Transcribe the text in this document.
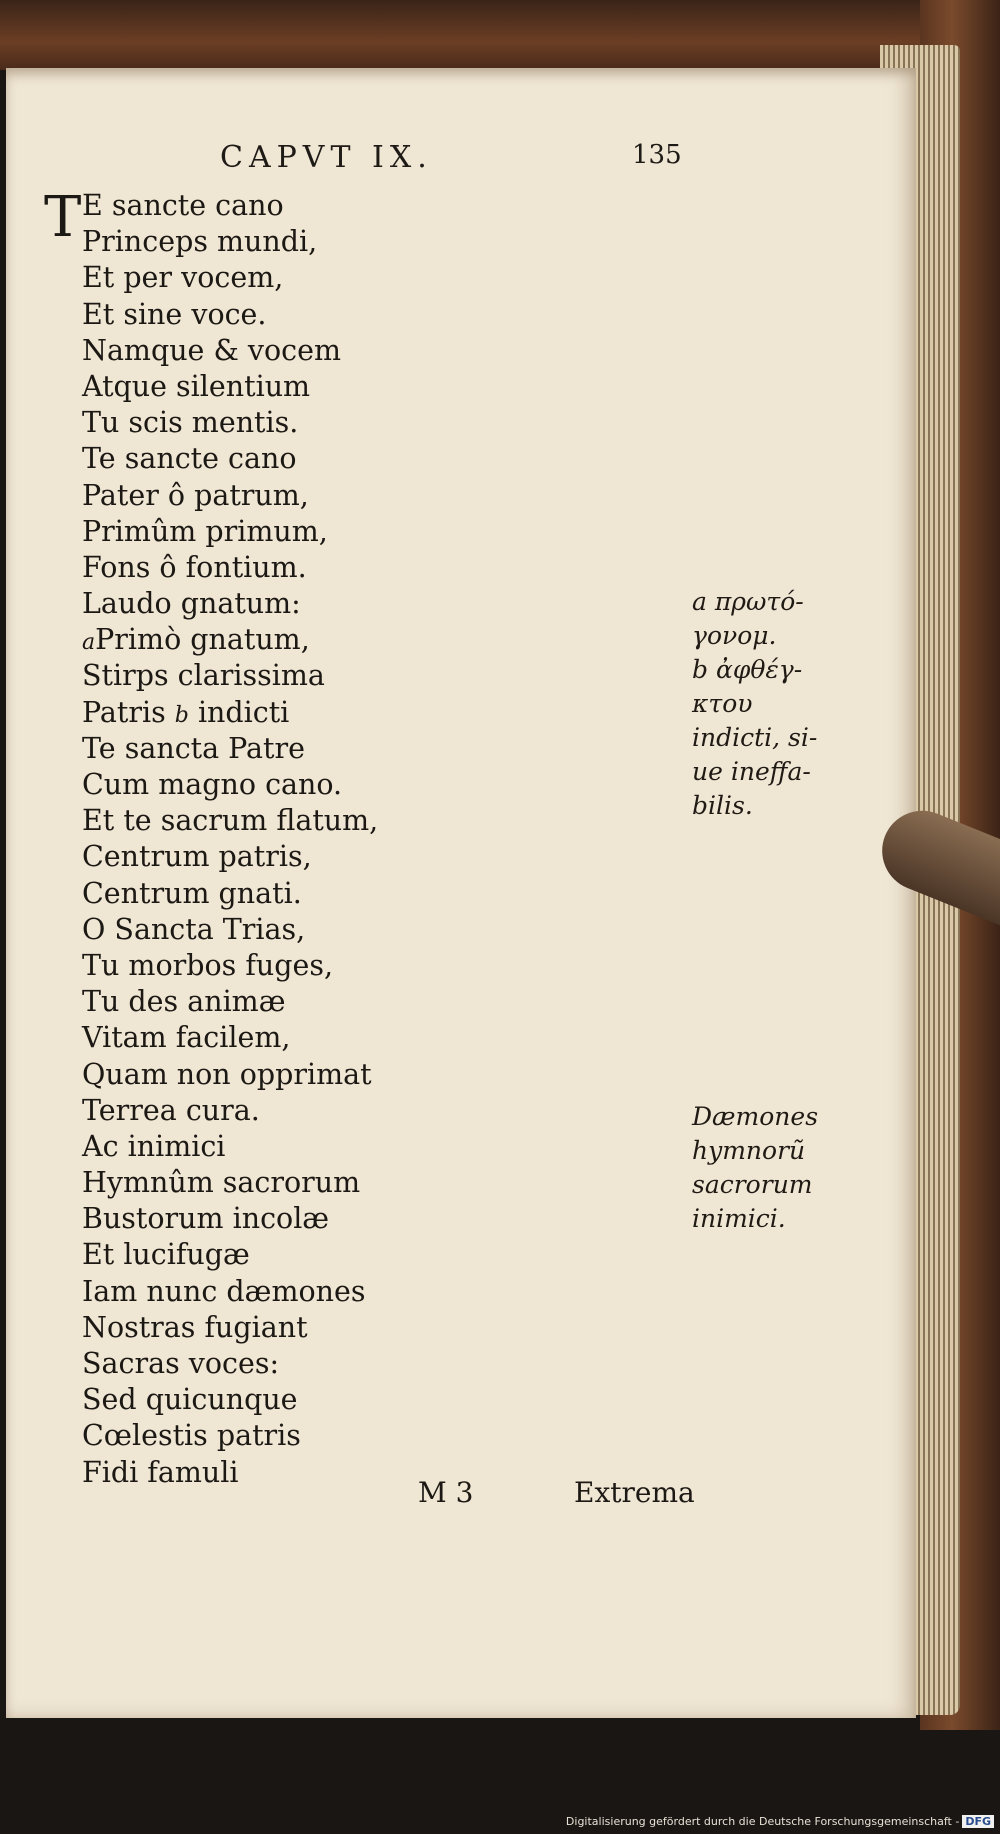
CAPVT IX.	135
T E sancte cano
Princeps mundi,
Et per vocem,
Et sine voce.
Namque & vocem
Atque silentium
Tu scis mentis.
Te sancte cano
Pater ô patrum,
Primûm primum,
Fons ô fontium.
Laudo gnatum:
aPrimò gnatum,
Stirps clarissima
Patris b indicti
Te sancta Patre
Cum magno cano.
Et te sacrum flatum,
Centrum patris,
Centrum gnati.
O Sancta Trias,
Tu morbos fuges,
Tu des animæ
Vitam facilem,
Quam non opprimat
Terrea cura.
Ac inimici
Hymnûm sacrorum
Bustorum incolæ
Et lucifugæ
Iam nunc dæmones
Nostras fugiant
Sacras voces:
Sed quicunque
Cœlestis patris
Fidi famuli
a πρωτό-
γονομ.
b ἀφθέγ-
κτου
indicti, si-
ue ineffa-
bilis.
Dæmones
hymnorũ
sacrorum
inimici.
M 3	Extrema
Digitalisierung gefördert durch die Deutsche Forschungsgemeinschaft - DFG
